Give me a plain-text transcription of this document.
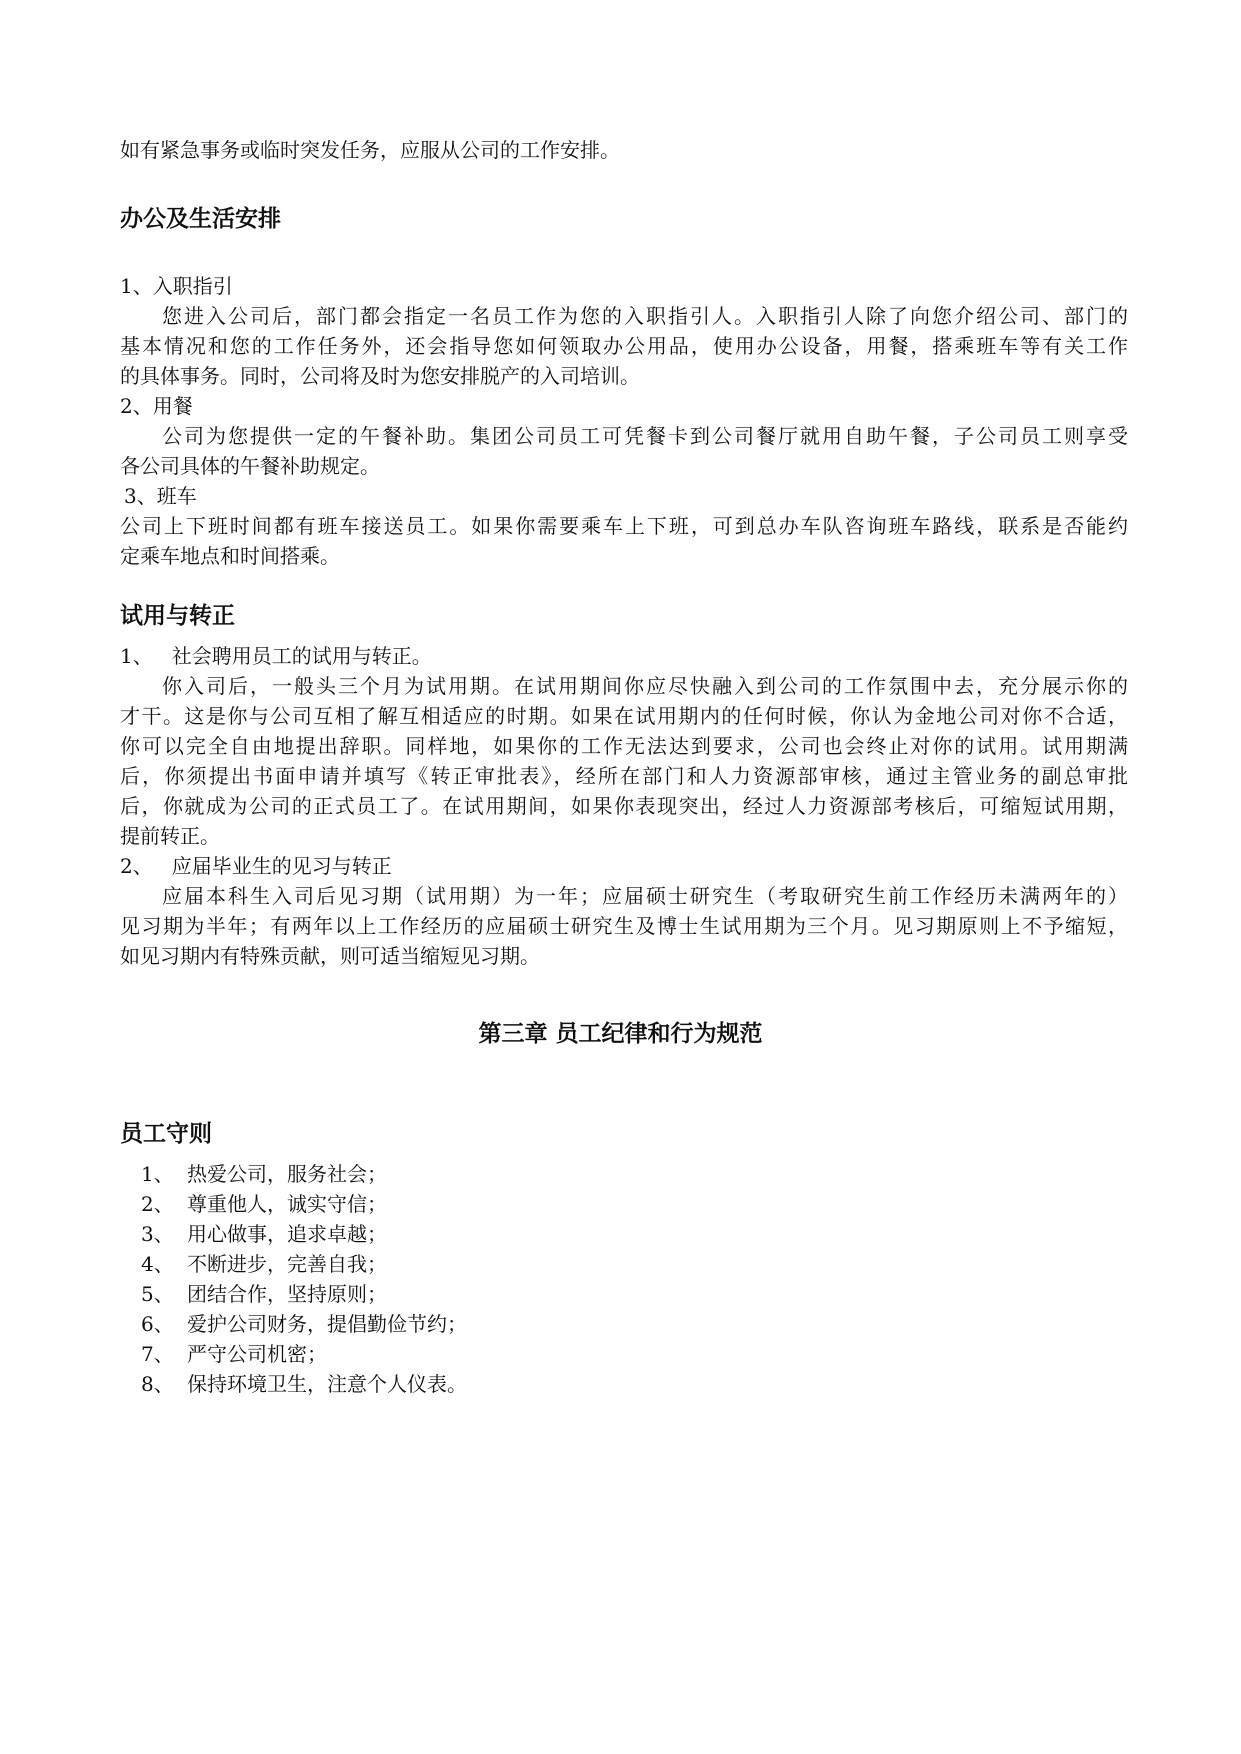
如有紧急事务或临时突发任务，应服从公司的工作安排。
办公及生活安排
1、入职指引
您进入公司后，部门都会指定一名员工作为您的入职指引人。入职指引人除了向您介绍公司、部门的
基本情况和您的工作任务外，还会指导您如何领取办公用品，使用办公设备，用餐，搭乘班车等有关工作
的具体事务。同时，公司将及时为您安排脱产的入司培训。
2、用餐
公司为您提供一定的午餐补助。集团公司员工可凭餐卡到公司餐厅就用自助午餐，子公司员工则享受
各公司具体的午餐补助规定。
3、班车
公司上下班时间都有班车接送员工。如果你需要乘车上下班，可到总办车队咨询班车路线，联系是否能约
定乘车地点和时间搭乘。
试用与转正
1、   社会聘用员工的试用与转正。
你入司后，一般头三个月为试用期。在试用期间你应尽快融入到公司的工作氛围中去，充分展示你的
才干。这是你与公司互相了解互相适应的时期。如果在试用期内的任何时候，你认为金地公司对你不合适，
你可以完全自由地提出辞职。同样地，如果你的工作无法达到要求，公司也会终止对你的试用。试用期满
后，你须提出书面申请并填写《转正审批表》，经所在部门和人力资源部审核，通过主管业务的副总审批
后，你就成为公司的正式员工了。在试用期间，如果你表现突出，经过人力资源部考核后，可缩短试用期，
提前转正。
2、   应届毕业生的见习与转正
应届本科生入司后见习期（试用期）为一年；应届硕士研究生（考取研究生前工作经历未满两年的）
见习期为半年；有两年以上工作经历的应届硕士研究生及博士生试用期为三个月。见习期原则上不予缩短，
如见习期内有特殊贡献，则可适当缩短见习期。
第三章 员工纪律和行为规范
员工守则
1、 热爱公司，服务社会；
2、 尊重他人，诚实守信；
3、 用心做事，追求卓越；
4、 不断进步，完善自我；
5、 团结合作，坚持原则；
6、 爱护公司财务，提倡勤俭节约；
7、 严守公司机密；
8、 保持环境卫生，注意个人仪表。
